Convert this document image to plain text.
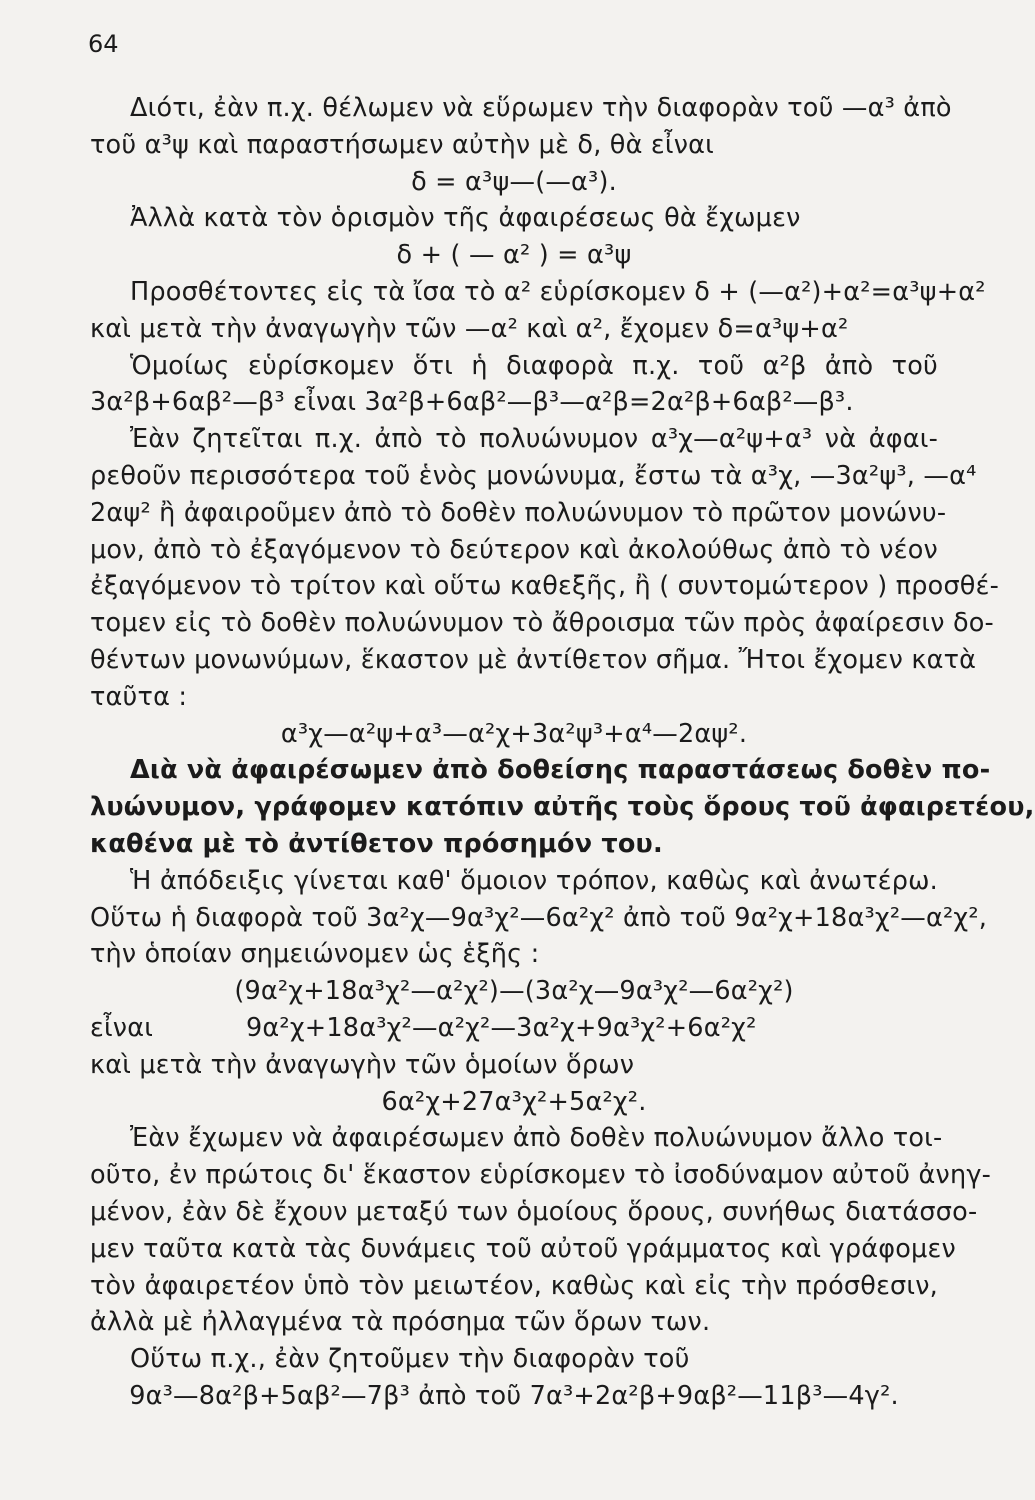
64

Διότι, ἐὰν π.χ. θέλωμεν νὰ εὕρωμεν τὴν διαφορὰν τοῦ —α³ ἀπὸ
τοῦ α³ψ καὶ παραστήσωμεν αὐτὴν μὲ δ, θὰ εἶναι
δ = α³ψ—(—α³).
Ἀλλὰ κατὰ τὸν ὁρισμὸν τῆς ἀφαιρέσεως θὰ ἔχωμεν
δ + ( — α² ) = α³ψ
Προσθέτοντες εἰς τὰ ἴσα τὸ α² εὑρίσκομεν δ + (—α²)+α²=α³ψ+α²
καὶ μετὰ τὴν ἀναγωγὴν τῶν —α² καὶ α², ἔχομεν δ=α³ψ+α²
Ὁμοίως εὑρίσκομεν ὅτι ἡ διαφορὰ π.χ. τοῦ α²β ἀπὸ τοῦ
3α²β+6αβ²—β³ εἶναι 3α²β+6αβ²—β³—α²β=2α²β+6αβ²—β³.
Ἐὰν ζητεῖται π.χ. ἀπὸ τὸ πολυώνυμον α³χ—α²ψ+α³ νὰ ἀφαι-
ρεθοῦν περισσότερα τοῦ ἑνὸς μονώνυμα, ἔστω τὰ α³χ, —3α²ψ³, —α⁴
2αψ² ἢ ἀφαιροῦμεν ἀπὸ τὸ δοθὲν πολυώνυμον τὸ πρῶτον μονώνυ-
μον, ἀπὸ τὸ ἐξαγόμενον τὸ δεύτερον καὶ ἀκολούθως ἀπὸ τὸ νέον
ἐξαγόμενον τὸ τρίτον καὶ οὕτω καθεξῆς, ἢ ( συντομώτερον ) προσθέ-
τομεν εἰς τὸ δοθὲν πολυώνυμον τὸ ἄθροισμα τῶν πρὸς ἀφαίρεσιν δο-
θέντων μονωνύμων, ἕκαστον μὲ ἀντίθετον σῆμα. Ἤτοι ἔχομεν κατὰ
ταῦτα :
α³χ—α²ψ+α³—α²χ+3α²ψ³+α⁴—2αψ².
Διὰ νὰ ἀφαιρέσωμεν ἀπὸ δοθείσης παραστάσεως δοθὲν πο-
λυώνυμον, γράφομεν κατόπιν αὐτῆς τοὺς ὅρους τοῦ ἀφαιρετέου,
καθένα μὲ τὸ ἀντίθετον πρόσημόν του.
Ἡ ἀπόδειξις γίνεται καθ' ὅμοιον τρόπον, καθὼς καὶ ἀνωτέρω.
Οὕτω ἡ διαφορὰ τοῦ 3α²χ—9α³χ²—6α²χ² ἀπὸ τοῦ 9α²χ+18α³χ²—α²χ²,
τὴν ὁποίαν σημειώνομεν ὡς ἑξῆς :
(9α²χ+18α³χ²—α²χ²)—(3α²χ—9α³χ²—6α²χ²)
εἶναι	9α²χ+18α³χ²—α²χ²—3α²χ+9α³χ²+6α²χ²
καὶ μετὰ τὴν ἀναγωγὴν τῶν ὁμοίων ὅρων
6α²χ+27α³χ²+5α²χ².
Ἐὰν ἔχωμεν νὰ ἀφαιρέσωμεν ἀπὸ δοθὲν πολυώνυμον ἄλλο τοι-
οῦτο, ἐν πρώτοις δι' ἕκαστον εὑρίσκομεν τὸ ἰσοδύναμον αὐτοῦ ἀνηγ-
μένον, ἐὰν δὲ ἔχουν μεταξύ των ὁμοίους ὅρους, συνήθως διατάσσο-
μεν ταῦτα κατὰ τὰς δυνάμεις τοῦ αὐτοῦ γράμματος καὶ γράφομεν
τὸν ἀφαιρετέον ὑπὸ τὸν μειωτέον, καθὼς καὶ εἰς τὴν πρόσθεσιν,
ἀλλὰ μὲ ἠλλαγμένα τὰ πρόσημα τῶν ὅρων των.
Οὕτω π.χ., ἐὰν ζητοῦμεν τὴν διαφορὰν τοῦ
9α³—8α²β+5αβ²—7β³ ἀπὸ τοῦ 7α³+2α²β+9αβ²—11β³—4γ².
